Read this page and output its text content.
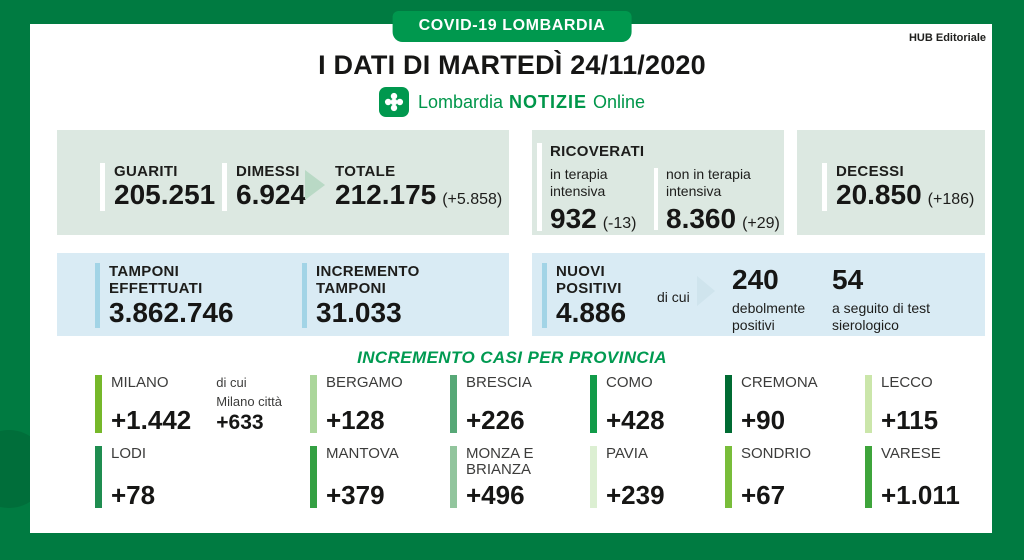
COVID-19 LOMBARDIA
HUB Editoriale
I DATI DI MARTEDÌ 24/11/2020
Lombardia NOTIZIE Online
GUARITI
205.251
DIMESSI
6.924
TOTALE
212.175 (+5.858)
RICOVERATI
in terapia intensiva
932 (-13)
non in terapia intensiva
8.360 (+29)
DECESSI
20.850 (+186)
TAMPONI EFFETTUATI
3.862.746
INCREMENTO TAMPONI
31.033
NUOVI POSITIVI
4.886	di cui
240
debolmente positivi
54
a seguito di test sierologico
INCREMENTO CASI PER PROVINCIA
MILANO
+1.442
di cui
Milano città
+633
BERGAMO
+128
BRESCIA
+226
COMO
+428
CREMONA
+90
LECCO
+115
LODI
+78
MANTOVA
+379
MONZA E BRIANZA
+496
PAVIA
+239
SONDRIO
+67
VARESE
+1.011
